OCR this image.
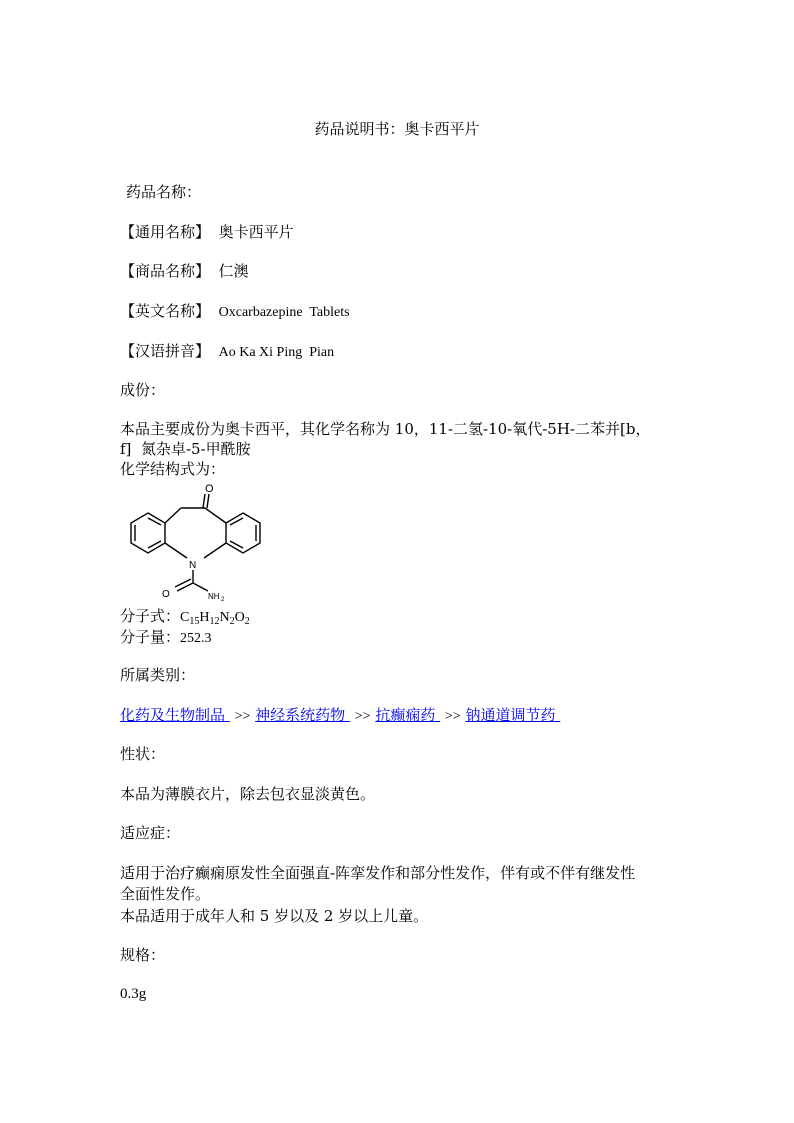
药品说明书：奥卡西平片
药品名称：
【通用名称】 奥卡西平片
【商品名称】 仁澳
【英文名称】 Oxcarbazepine  Tablets
【汉语拼音】 Ao Ka Xi Ping  Pian
成份：
本品主要成份为奥卡西平，其化学名称为 10，11-二氢-10-氧代-5H-二苯并[b，
f]  氮杂卓-5-甲酰胺
化学结构式为：
O
N
O	NH 2
分子式：$C_{15}H_{12}N_2O_2$
分子量：252.3
所属类别：
化药及生物制品 >> 神经系统药物 >> 抗癫痫药 >> 钠通道调节药
性状：
本品为薄膜衣片，除去包衣显淡黄色。
适应症：
适用于治疗癫痫原发性全面强直-阵挛发作和部分性发作，伴有或不伴有继发性
全面性发作。
本品适用于成年人和 5 岁以及 2 岁以上儿童。
规格：
0.3g
